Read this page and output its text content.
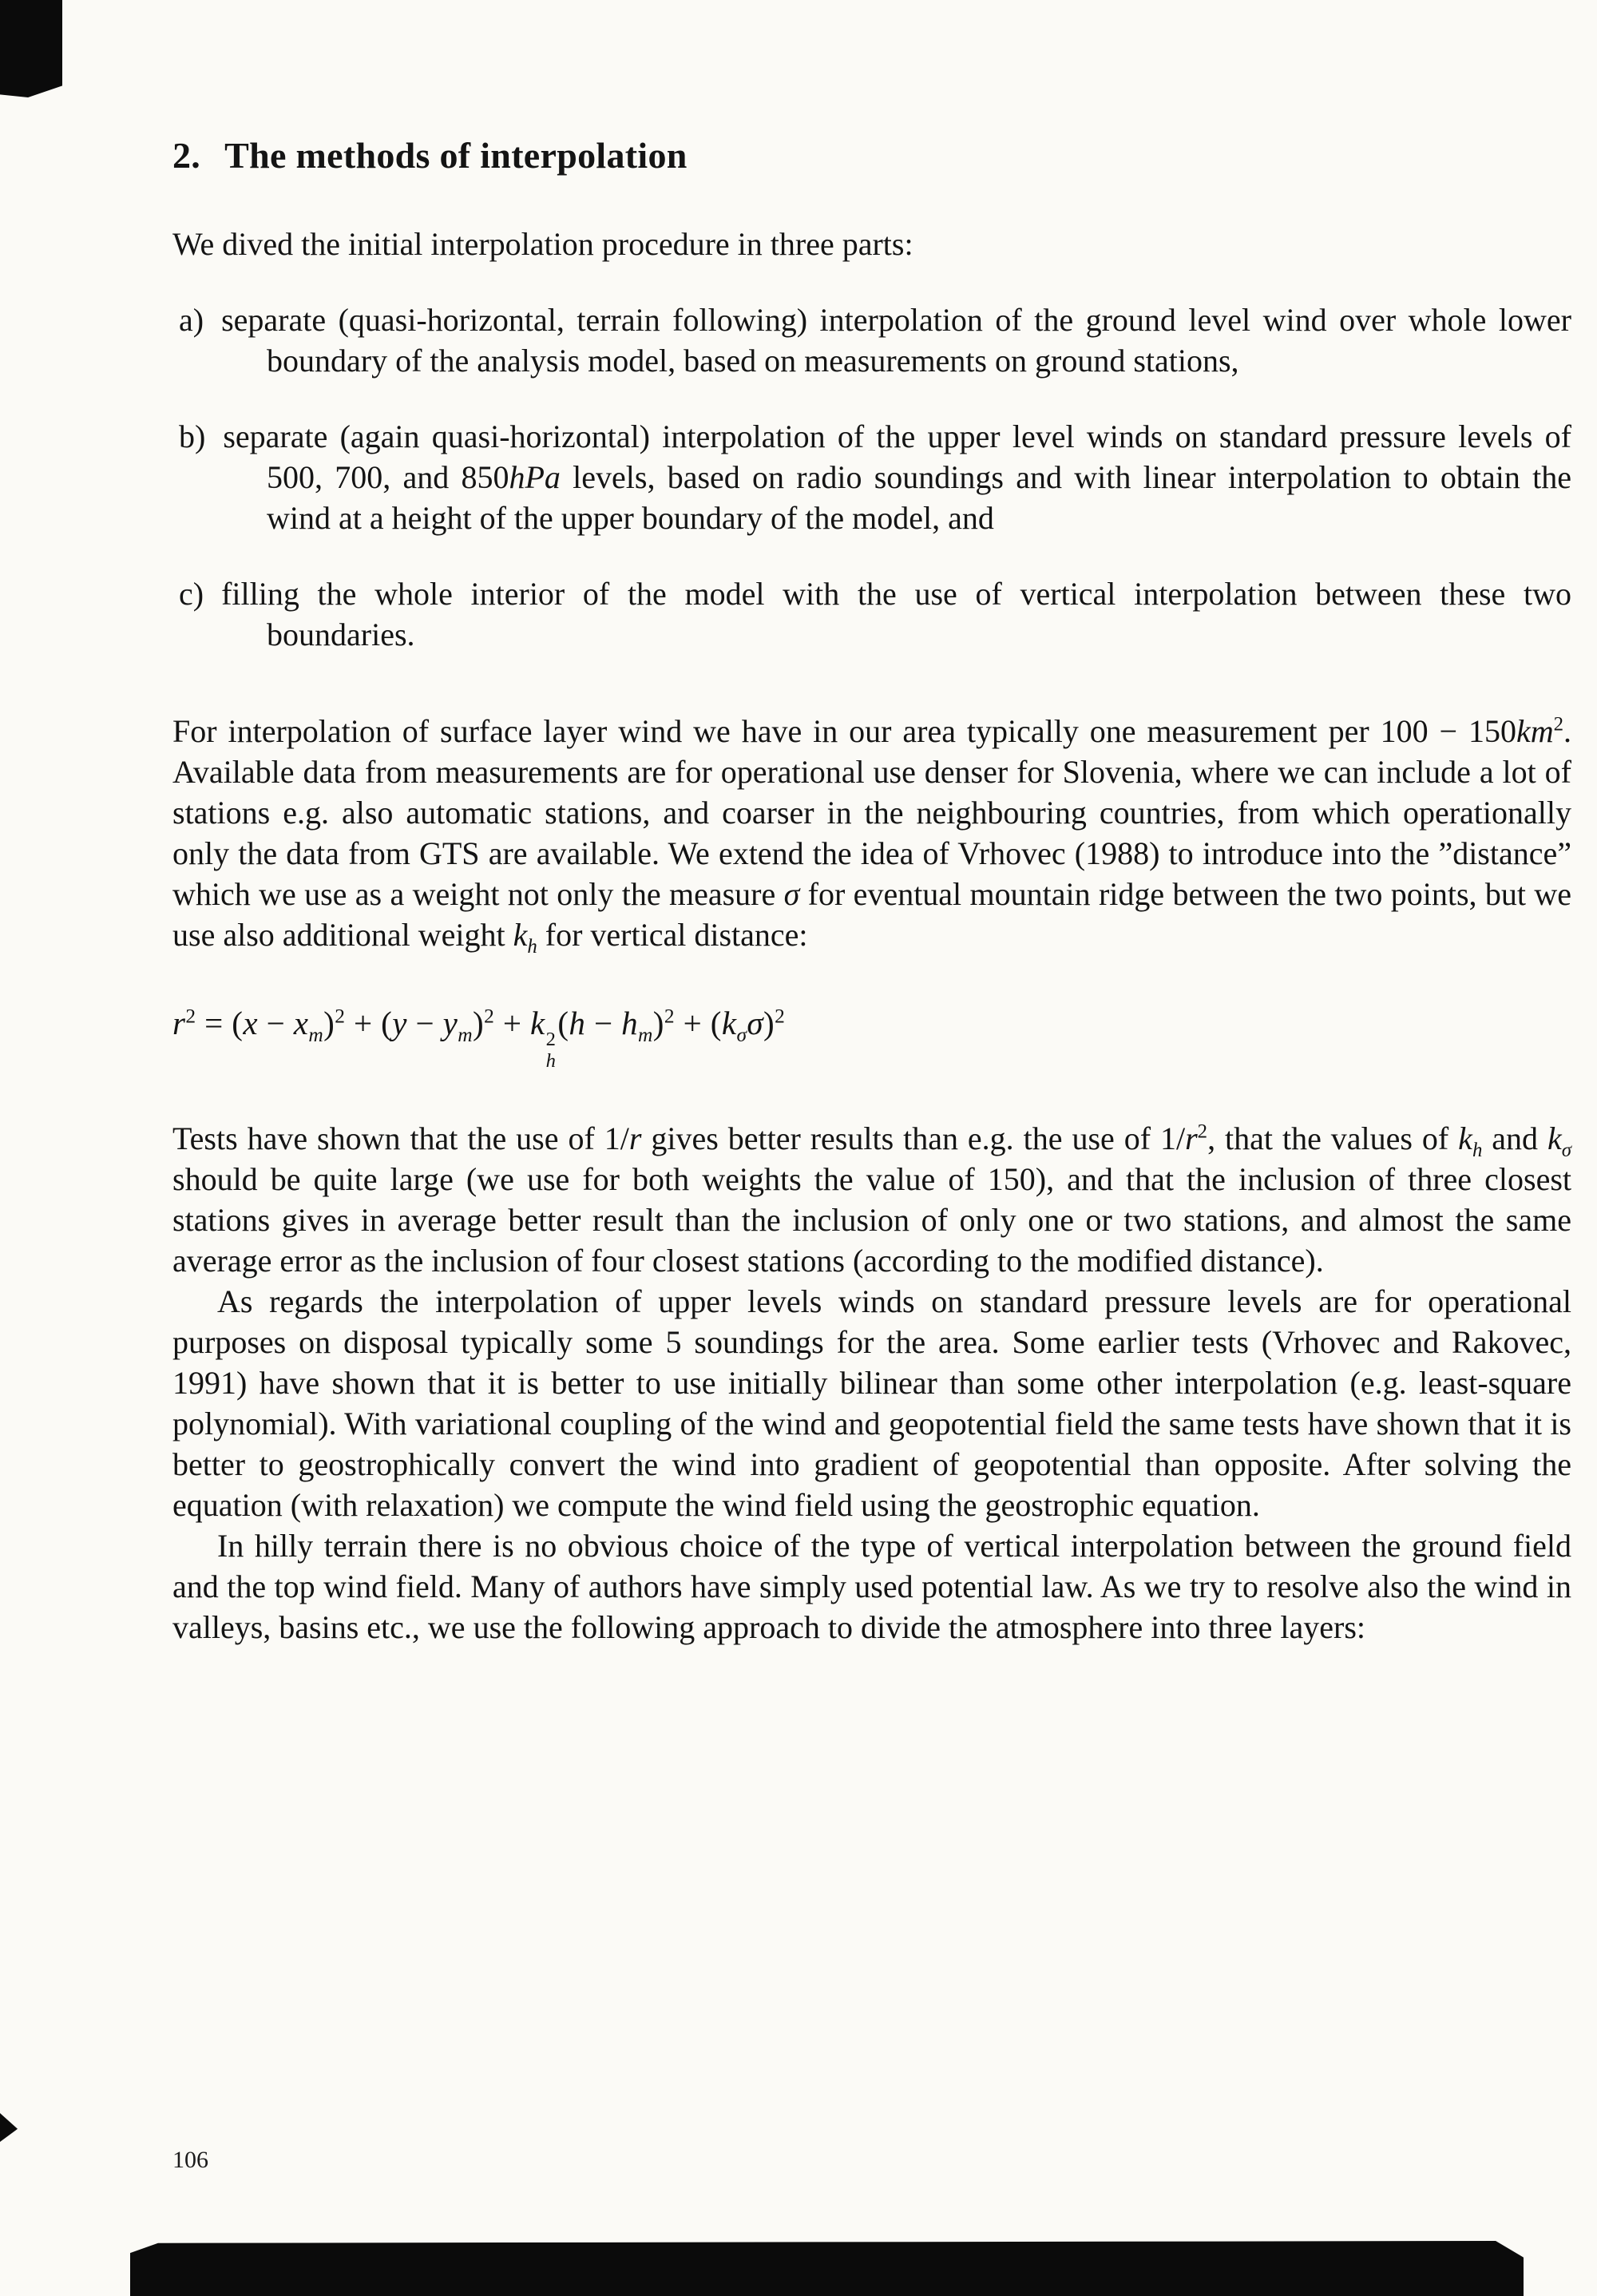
2. The methods of interpolation

We dived the initial interpolation procedure in three parts:

a) separate (quasi-horizontal, terrain following) interpolation of the ground level wind over whole lower boundary of the analysis model, based on measurements on ground stations,

b) separate (again quasi-horizontal) interpolation of the upper level winds on standard pressure levels of 500, 700, and 850hPa levels, based on radio soundings and with linear interpolation to obtain the wind at a height of the upper boundary of the model, and

c) filling the whole interior of the model with the use of vertical interpolation between these two boundaries.

For interpolation of surface layer wind we have in our area typically one measurement per $100 - 150km^2$. Available data from measurements are for operational use denser for Slovenia, where we can include a lot of stations e.g. also automatic stations, and coarser in the neighbouring countries, from which operationally only the data from GTS are available. We extend the idea of Vrhovec (1988) to introduce into the ”distance” which we use as a weight not only the measure σ for eventual mountain ridge between the two points, but we use also additional weight $k_h$ for vertical distance:

$r^2 = (x - x_m)^2 + (y - y_m)^2 + k$ 2
h
$(h - h_m)^2 + (k_\sigma\sigma)^2$

Tests have shown that the use of 1/r gives better results than e.g. the use of $1/r^2$, that the values of $k_h$ and $k_\sigma$ should be quite large (we use for both weights the value of 150), and that the inclusion of three closest stations gives in average better result than the inclusion of only one or two stations, and almost the same average error as the inclusion of four closest stations (according to the modified distance).

As regards the interpolation of upper levels winds on standard pressure levels are for operational purposes on disposal typically some 5 soundings for the area. Some earlier tests (Vrhovec and Rakovec, 1991) have shown that it is better to use initially bilinear than some other interpolation (e.g. least-square polynomial). With variational coupling of the wind and geopotential field the same tests have shown that it is better to geostrophically convert the wind into gradient of geopotential than opposite. After solving the equation (with relaxation) we compute the wind field using the geostrophic equation.

In hilly terrain there is no obvious choice of the type of vertical interpolation between the ground field and the top wind field. Many of authors have simply used potential law. As we try to resolve also the wind in valleys, basins etc., we use the following approach to divide the atmosphere into three layers:

106
